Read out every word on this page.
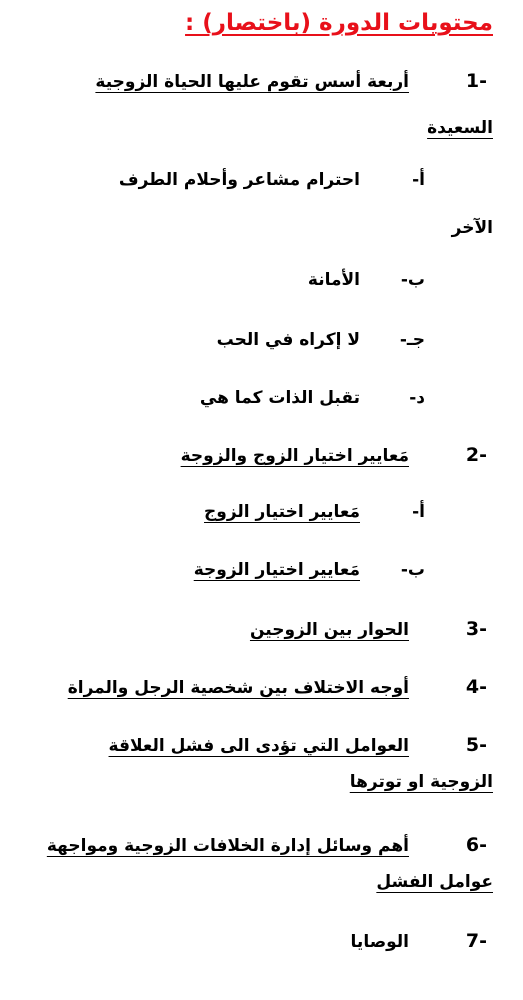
محتويات الدورة (باختصار) :
-1
أربعة أسس تقوم عليها الحياة الزوجية
السعيدة
أ-
احترام مشاعر وأحلام الطرف
الآخر
ب-
الأمانة
جـ-
لا إكراه في الحب
د-
تقبل الذات كما هي
-2
مَعايير اختيار الزوج والزوجة
أ-
مَعايير اختيار الزوج
ب-
مَعايير اختيار الزوجة
-3
الحوار بين الزوجين
-4
أوجه الاختلاف بين شخصية الرجل والمراة
-5
العوامل التي تؤدى الى فشل العلاقة
الزوجية او توترها
-6
أهم وسائل إدارة الخلافات الزوجية ومواجهة
عوامل الفشل
-7
الوصايا
